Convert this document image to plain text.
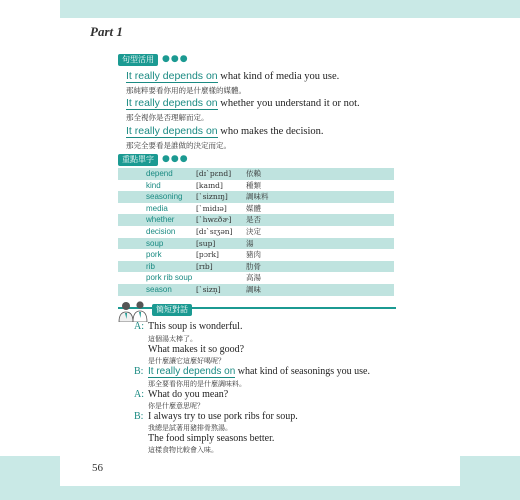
Part 1
句型活用 ●●●
It really depends on what kind of media you use.
那純粹要看你用的是什麼樣的媒體。
It really depends on whether you understand it or not.
那全視你是否理解而定。
It really depends on who makes the decision.
那完全要看是誰做的決定而定。
重點單字 ●●●
depend	[dɪˋpɛnd] 依賴
kind	[kaɪnd]	種類
seasoning [ˋsiznɪŋ] 調味料
media	[ˋmidɪə]	媒體
whether	[ˋhwɛðɚ] 是否
decision	[dɪˋsɪʒən] 決定
soup	[sup]	湯
pork	[pɔrk]	豬肉
rib	[rɪb]	肋骨
pork rib soup	高湯
season	[ˋsizn̩]	調味
簡短對話
A: This soup is wonderful.
這個湯太棒了。
What makes it so good?
是什麼讓它這麼好喝呢？
B: It really depends on what kind of seasonings you use.
那全要看你用的是什麼調味料。
A: What do you mean?
你是什麼意思呢？
B: I always try to use pork ribs for soup.
我總是試著用豬排骨熬湯。
The food simply seasons better.
這樣食物比較會入味。
56
